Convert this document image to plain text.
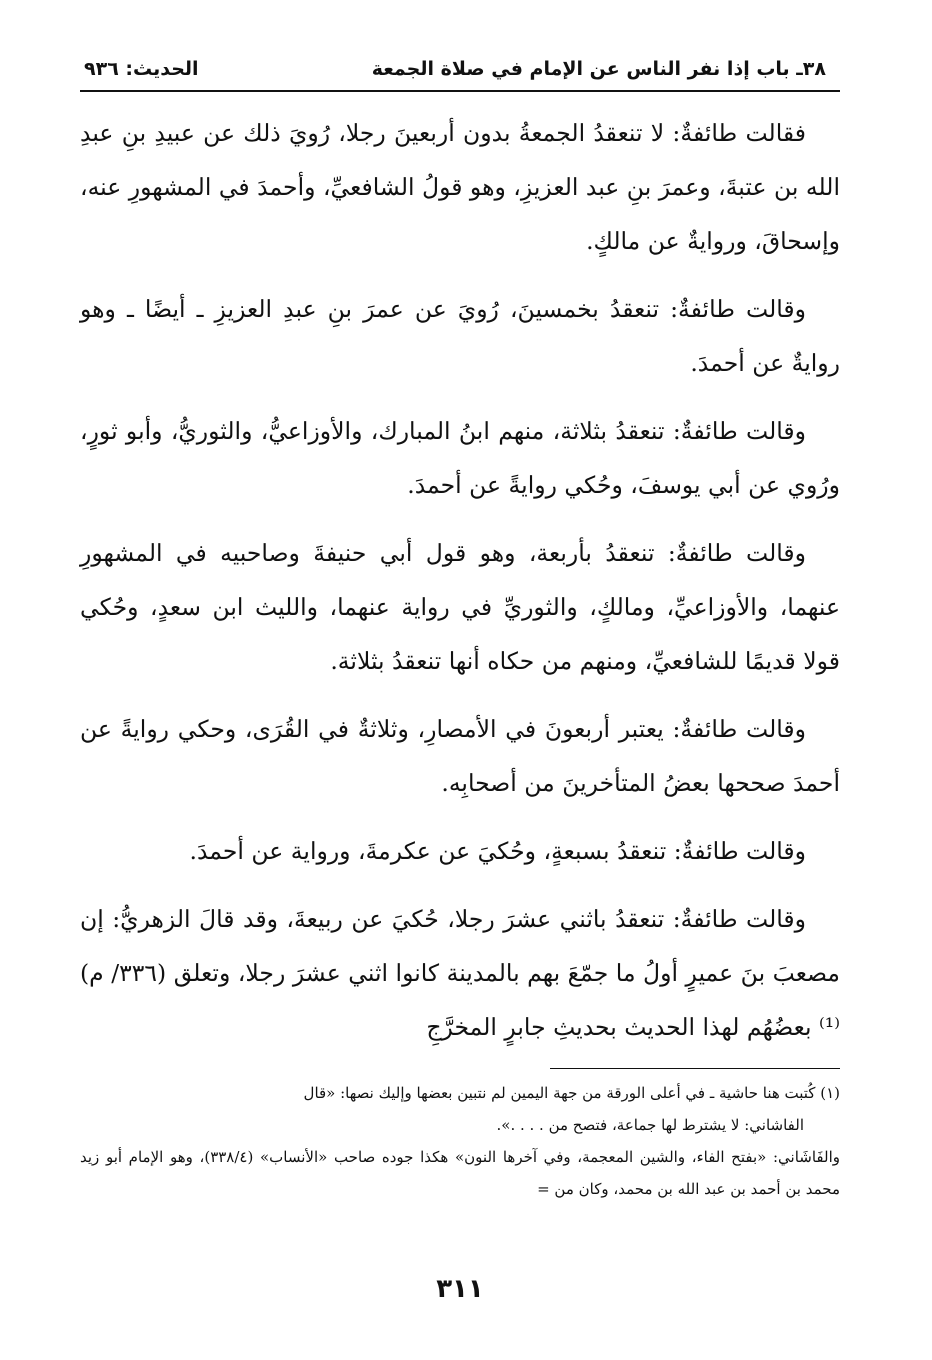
٣٨ـ باب إذا نفر الناس عن الإمام في صلاة الجمعة
الحديث: ٩٣٦

فقالت طائفةٌ: لا تنعقدُ الجمعةُ بدون أربعينَ رجلا، رُويَ ذلك عن عبيدِ بنِ عبدِ الله بن عتبةَ، وعمرَ بنِ عبد العزيزِ، وهو قولُ الشافعيِّ، وأحمدَ في المشهورِ عنه، وإسحاقَ، وروايةٌ عن مالكٍ.

وقالت طائفةٌ: تنعقدُ بخمسينَ، رُويَ عن عمرَ بنِ عبدِ العزيزِ ـ أيضًا ـ وهو روايةٌ عن أحمدَ.

وقالت طائفةٌ: تنعقدُ بثلاثة، منهم ابنُ المبارك، والأوزاعيُّ، والثوريُّ، وأبو ثورٍ، ورُوي عن أبي يوسفَ، وحُكي روايةً عن أحمدَ.

وقالت طائفةٌ: تنعقدُ بأربعة، وهو قول أبي حنيفةَ وصاحبيه في المشهورِ عنهما، والأوزاعيِّ، ومالكٍ، والثوريِّ في رواية عنهما، والليث ابن سعدٍ، وحُكي قولا قديمًا للشافعيِّ، ومنهم من حكاه أنها تنعقدُ بثلاثة.

وقالت طائفةٌ: يعتبر أربعونَ في الأمصارِ، وثلاثةٌ في القُرَى، وحكي روايةً عن أحمدَ صححها بعضُ المتأخرينَ من أصحابِه.

وقالت طائفةٌ: تنعقدُ بسبعةٍ، وحُكيَ عن عكرمةَ، ورواية عن أحمدَ.

وقالت طائفةٌ: تنعقدُ باثني عشرَ رجلا، حُكيَ عن ربيعةَ، وقد قالَ الزهريُّ: إن مصعبَ بنَ عميرٍ أولُ ما جمّعَ بهم بالمدينة كانوا اثني عشرَ رجلا، وتعلق (٣٣٦/ م)⁽¹⁾ بعضُهُم لهذا الحديث بحديثِ جابرٍ المخرَّجِ

(١) كُتبت هنا حاشية ـ في أعلى الورقة من جهة اليمين لم نتبين بعضها وإليك نصها: «قال

الفاشاني: لا يشترط لها جماعة، فتصح من . . . .».

والفَاشَاني: «بفتح الفاء، والشين المعجمة، وفي آخرها النون» هكذا جوده صاحب «الأنساب» (٣٣٨/٤)، وهو الإمام أبو زيد محمد بن أحمد بن عبد الله بن محمد، وكان من =

٣١١
